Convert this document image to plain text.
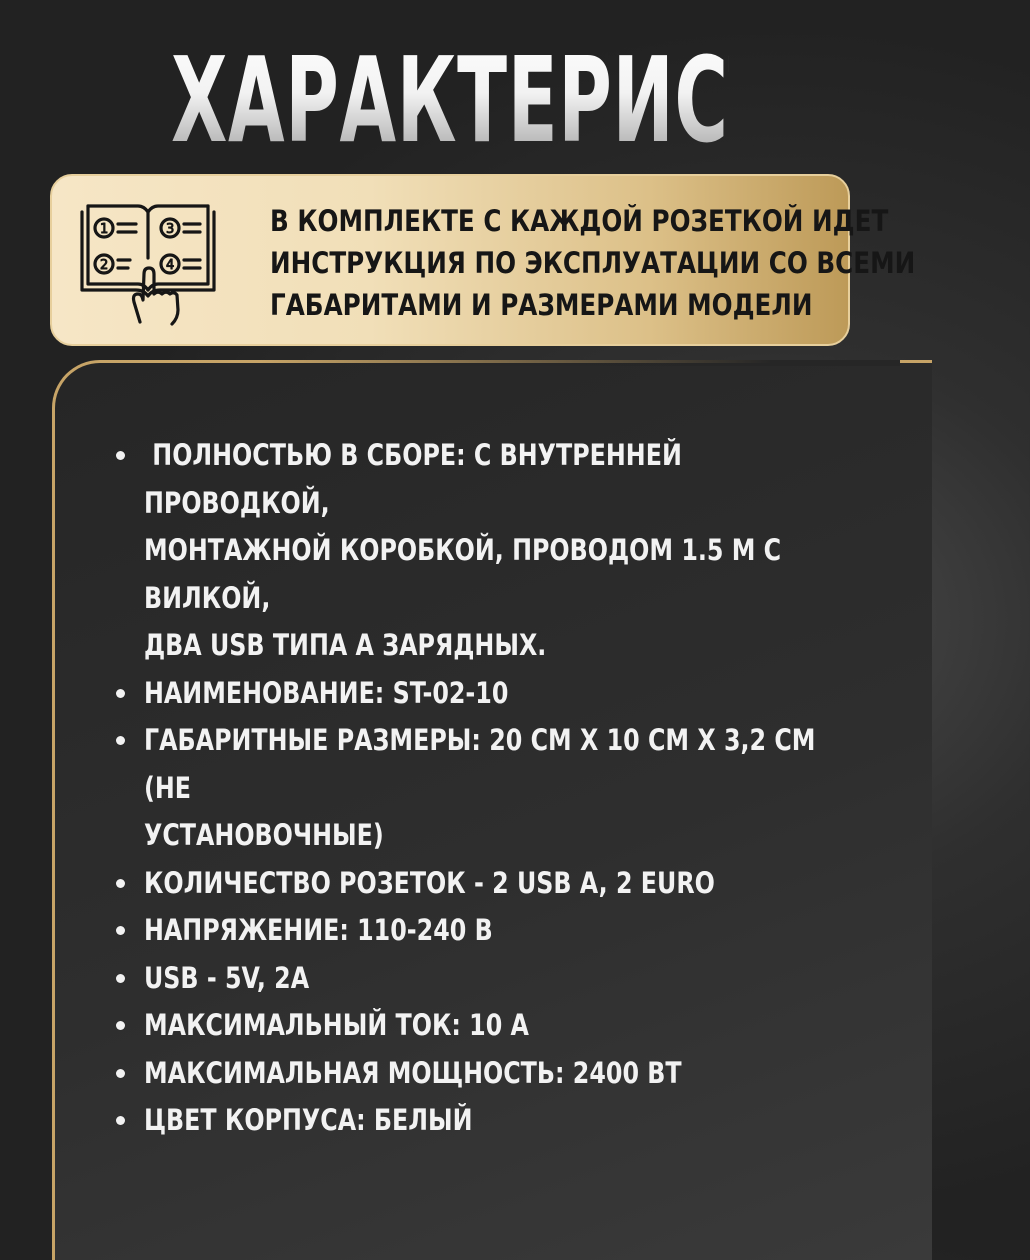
ХАРАКТЕРИСТИКИ
1
2
3
4
В КОМПЛЕКТЕ С КАЖДОЙ РОЗЕТКОЙ ИДЕТ
ИНСТРУКЦИЯ ПО ЭКСПЛУАТАЦИИ СО ВСЕМИ
ГАБАРИТАМИ И РАЗМЕРАМИ МОДЕЛИ
ПОЛНОСТЬЮ В СБОРЕ: С ВНУТРЕННЕЙ ПРОВОДКОЙ,
МОНТАЖНОЙ КОРОБКОЙ, ПРОВОДОМ 1.5 М С ВИЛКОЙ,
ДВА USB ТИПА А ЗАРЯДНЫХ.
НАИМЕНОВАНИЕ: ST-02-10
ГАБАРИТНЫЕ РАЗМЕРЫ: 20 СМ Х 10 СМ Х 3,2 СМ (НЕ
УСТАНОВОЧНЫЕ)
КОЛИЧЕСТВО РОЗЕТОК - 2 USB A, 2 EURO
НАПРЯЖЕНИЕ: 110-240 В
USB - 5V, 2A
МАКСИМАЛЬНЫЙ ТОК: 10 А
МАКСИМАЛЬНАЯ МОЩНОСТЬ: 2400 ВТ
ЦВЕТ КОРПУСА: БЕЛЫЙ
